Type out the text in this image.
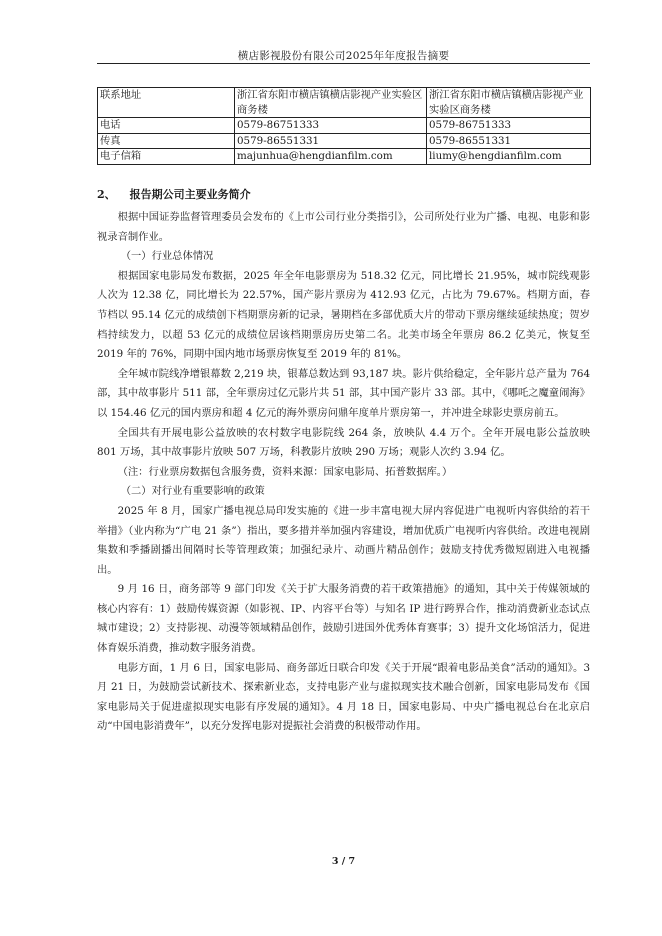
横店影视股份有限公司2025年年度报告摘要
联系地址	浙江省东阳市横店镇横店影视产业实验区商务楼	浙江省东阳市横店镇横店影视产业实验区商务楼
电话	0579-86751333	0579-86751333
传真	0579-86551331	0579-86551331
电子信箱	majunhua@hengdianfilm.com	liumy@hengdianfilm.com
2、 报告期公司主要业务简介

根据中国证券监督管理委员会发布的《上市公司行业分类指引》，公司所处行业为广播、电视、电影和影视录音制作业。

（一）行业总体情况

根据国家电影局发布数据，2025 年全年电影票房为 518.32 亿元，同比增长 21.95%，城市院线观影人次为 12.38 亿，同比增长为 22.57%，国产影片票房为 412.93 亿元，占比为 79.67%。档期方面，春节档以 95.14 亿元的成绩创下档期票房新的记录，暑期档在多部优质大片的带动下票房继续延续热度；贺岁档持续发力，以超 53 亿元的成绩位居该档期票房历史第二名。北美市场全年票房 86.2 亿美元，恢复至 2019 年的 76%，同期中国内地市场票房恢复至 2019 年的 81%。

全年城市院线净增银幕数 2,219 块，银幕总数达到 93,187 块。影片供给稳定，全年影片总产量为 764 部，其中故事影片 511 部，全年票房过亿元影片共 51 部，其中国产影片 33 部。其中，《哪吒之魔童闹海》以 154.46 亿元的国内票房和超 4 亿元的海外票房问鼎年度单片票房第一，并冲进全球影史票房前五。

全国共有开展电影公益放映的农村数字电影院线 264 条，放映队 4.4 万个。全年开展电影公益放映 801 万场，其中故事影片放映 507 万场，科教影片放映 290 万场；观影人次约 3.94 亿。

（注：行业票房数据包含服务费，资料来源：国家电影局、拓普数据库。）

（二）对行业有重要影响的政策

2025 年 8 月，国家广播电视总局印发实施的《进一步丰富电视大屏内容促进广电视听内容供给的若干举措》（业内称为“广电 21 条”）指出，要多措并举加强内容建设，增加优质广电视听内容供给。改进电视剧集数和季播剧播出间隔时长等管理政策；加强纪录片、动画片精品创作；鼓励支持优秀微短剧进入电视播出。

9 月 16 日，商务部等 9 部门印发《关于扩大服务消费的若干政策措施》的通知，其中关于传媒领域的核心内容有：1）鼓励传媒资源（如影视、IP、内容平台等）与知名 IP 进行跨界合作，推动消费新业态试点城市建设；2）支持影视、动漫等领域精品创作，鼓励引进国外优秀体育赛事；3）提升文化场馆活力，促进体育娱乐消费，推动数字服务消费。

电影方面，1 月 6 日，国家电影局、商务部近日联合印发《关于开展“跟着电影品美食”活动的通知》。3 月 21 日，为鼓励尝试新技术、探索新业态，支持电影产业与虚拟现实技术融合创新，国家电影局发布《国家电影局关于促进虚拟现实电影有序发展的通知》。4 月 18 日，国家电影局、中央广播电视总台在北京启动“中国电影消费年”，以充分发挥电影对提振社会消费的积极带动作用。

3 / 7
